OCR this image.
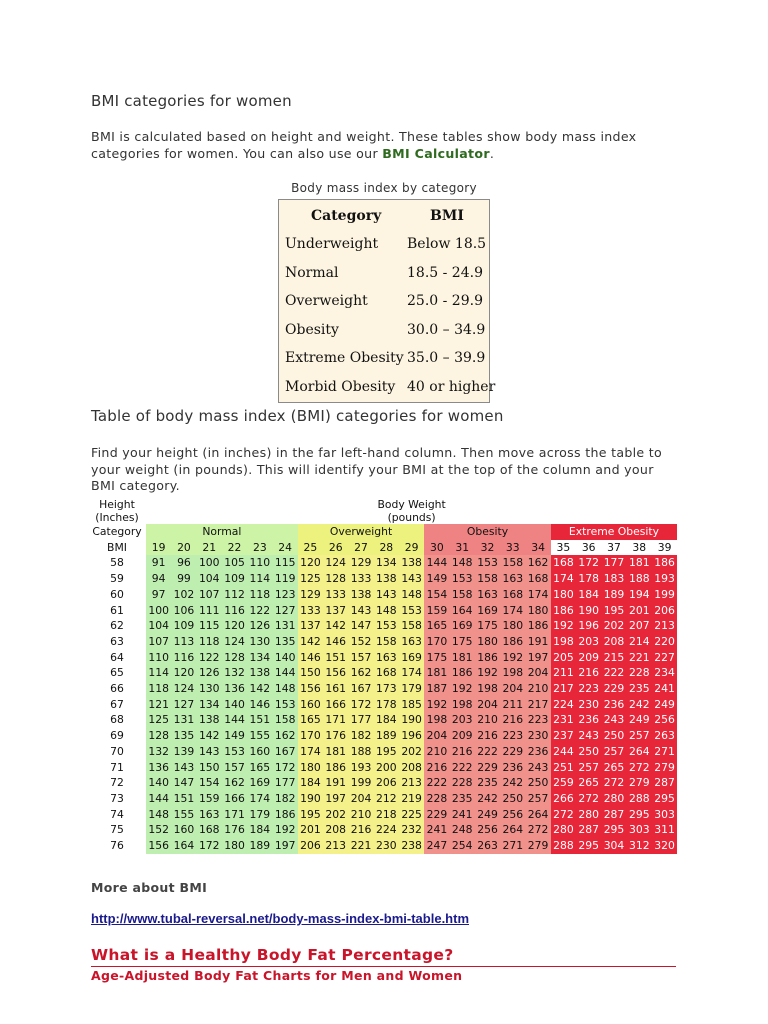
BMI categories for women
BMI is calculated based on height and weight. These tables show body mass index categories for women. You can also use our BMI Calculator.
Body mass index by category
Category	BMI
Underweight Below 18.5
Normal	18.5 - 24.9
Overweight	25.0 - 29.9
Obesity	30.0 – 34.9
Extreme Obesity 35.0 – 39.9
Morbid Obesity 40 or higher
Table of body mass index (BMI) categories for women
Find your height (in inches) in the far left-hand column. Then move across the table to your weight (in pounds). This will identify your BMI at the top of the column and your BMI category.
Height
(Inches)	Body Weight
(pounds)																				
Category	Normal						Overweight					Obesity					Extreme Obesity				
BMI	19	20	21	22	23	24	25	26	27	28	29	30	31	32	33	34	35	36	37	38	39
58	91	96	100	105	110	115	120	124	129	134	138	144	148	153	158	162	168	172	177	181	186
59	94	99	104	109	114	119	125	128	133	138	143	149	153	158	163	168	174	178	183	188	193
60	97	102	107	112	118	123	129	133	138	143	148	154	158	163	168	174	180	184	189	194	199
61	100	106	111	116	122	127	133	137	143	148	153	159	164	169	174	180	186	190	195	201	206
62	104	109	115	120	126	131	137	142	147	153	158	165	169	175	180	186	192	196	202	207	213
63	107	113	118	124	130	135	142	146	152	158	163	170	175	180	186	191	198	203	208	214	220
64	110	116	122	128	134	140	146	151	157	163	169	175	181	186	192	197	205	209	215	221	227
65	114	120	126	132	138	144	150	156	162	168	174	181	186	192	198	204	211	216	222	228	234
66	118	124	130	136	142	148	156	161	167	173	179	187	192	198	204	210	217	223	229	235	241
67	121	127	134	140	146	153	160	166	172	178	185	192	198	204	211	217	224	230	236	242	249
68	125	131	138	144	151	158	165	171	177	184	190	198	203	210	216	223	231	236	243	249	256
69	128	135	142	149	155	162	170	176	182	189	196	204	209	216	223	230	237	243	250	257	263
70	132	139	143	153	160	167	174	181	188	195	202	210	216	222	229	236	244	250	257	264	271
71	136	143	150	157	165	172	180	186	193	200	208	216	222	229	236	243	251	257	265	272	279
72	140	147	154	162	169	177	184	191	199	206	213	222	228	235	242	250	259	265	272	279	287
73	144	151	159	166	174	182	190	197	204	212	219	228	235	242	250	257	266	272	280	288	295
74	148	155	163	171	179	186	195	202	210	218	225	229	241	249	256	264	272	280	287	295	303
75	152	160	168	176	184	192	201	208	216	224	232	241	248	256	264	272	280	287	295	303	311
76	156	164	172	180	189	197	206	213	221	230	238	247	254	263	271	279	288	295	304	312	320
More about BMI
http://www.tubal-reversal.net/body-mass-index-bmi-table.htm
What is a Healthy Body Fat Percentage?
Age-Adjusted Body Fat Charts for Men and Women
